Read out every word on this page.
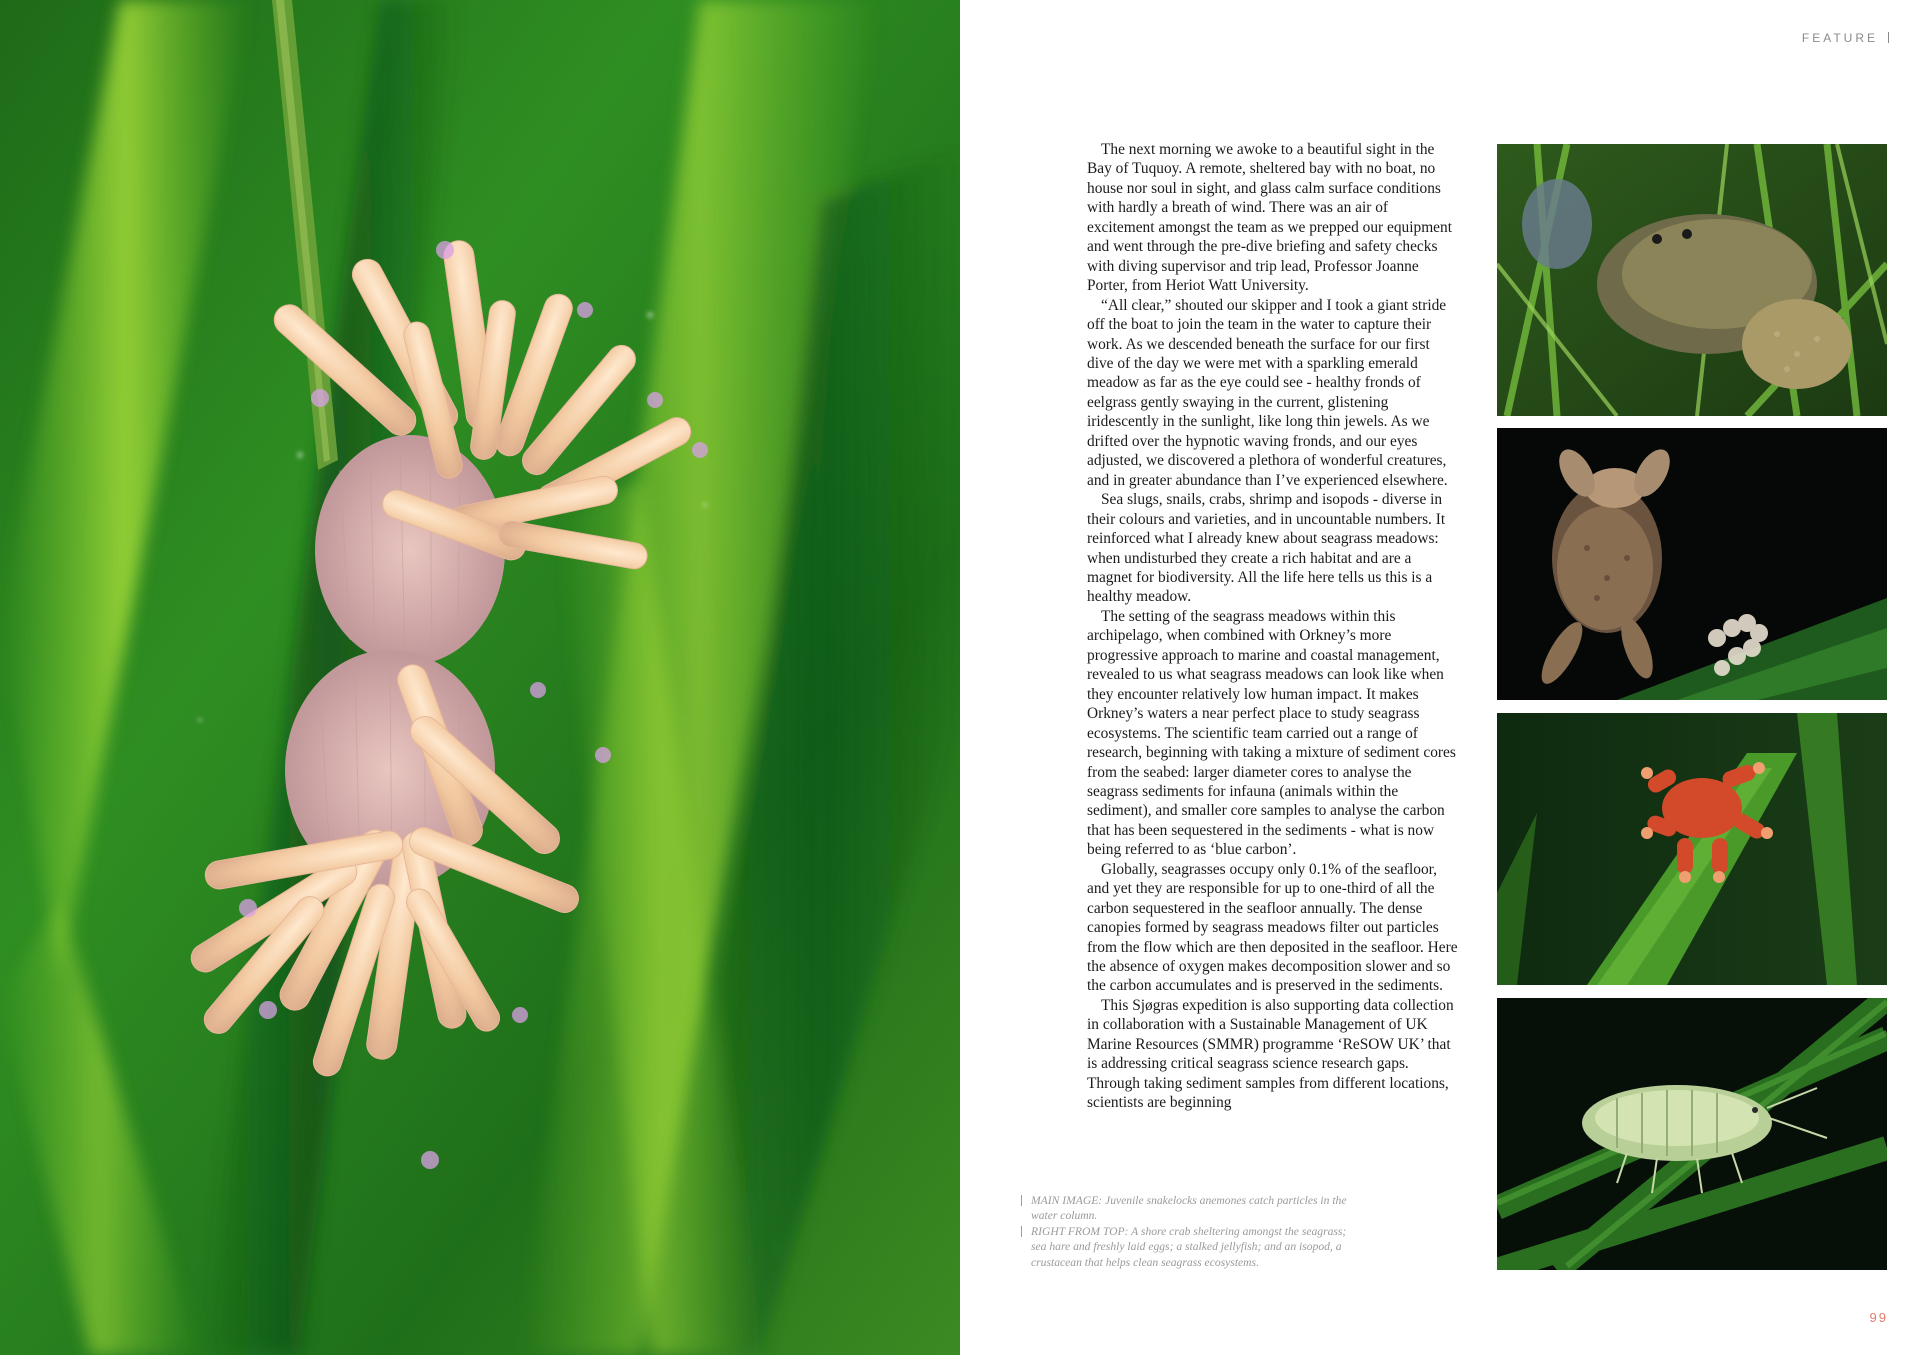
FEATURE

The next morning we awoke to a beautiful sight in the Bay of Tuquoy. A remote, sheltered bay with no boat, no house nor soul in sight, and glass calm surface conditions with hardly a breath of wind. There was an air of excitement amongst the team as we prepped our equipment and went through the pre-dive briefing and safety checks with diving supervisor and trip lead, Professor Joanne Porter, from Heriot Watt University.

“All clear,” shouted our skipper and I took a giant stride off the boat to join the team in the water to capture their work. As we descended beneath the surface for our first dive of the day we were met with a sparkling emerald meadow as far as the eye could see - healthy fronds of eelgrass gently swaying in the current, glistening iridescently in the sunlight, like long thin jewels. As we drifted over the hypnotic waving fronds, and our eyes adjusted, we discovered a plethora of wonderful creatures, and in greater abundance than I’ve experienced elsewhere.

Sea slugs, snails, crabs, shrimp and isopods - diverse in their colours and varieties, and in uncountable numbers. It reinforced what I already knew about seagrass meadows: when undisturbed they create a rich habitat and are a magnet for biodiversity. All the life here tells us this is a healthy meadow.

The setting of the seagrass meadows within this archipelago, when combined with Orkney’s more progressive approach to marine and coastal management, revealed to us what seagrass meadows can look like when they encounter relatively low human impact. It makes Orkney’s waters a near perfect place to study seagrass ecosystems. The scientific team carried out a range of research, beginning with taking a mixture of sediment cores from the seabed: larger diameter cores to analyse the seagrass sediments for infauna (animals within the sediment), and smaller core samples to analyse the carbon that has been sequestered in the sediments - what is now being referred to as ‘blue carbon’.

Globally, seagrasses occupy only 0.1% of the seafloor, and yet they are responsible for up to one-third of all the carbon sequestered in the seafloor annually. The dense canopies formed by seagrass meadows filter out particles from the flow which are then deposited in the seafloor. Here the absence of oxygen makes decomposition slower and so the carbon accumulates and is preserved in the sediments.

This Sjøgras expedition is also supporting data collection in collaboration with a Sustainable Management of UK Marine Resources (SMMR) programme ‘ReSOW UK’ that is addressing critical seagrass science research gaps. Through taking sediment samples from different locations, scientists are beginning

MAIN IMAGE: Juvenile snakelocks anemones catch particles in the water column.

RIGHT FROM TOP: A shore crab sheltering amongst the seagrass; sea hare and freshly laid eggs; a stalked jellyfish; and an isopod, a crustacean that helps clean seagrass ecosystems.

99
